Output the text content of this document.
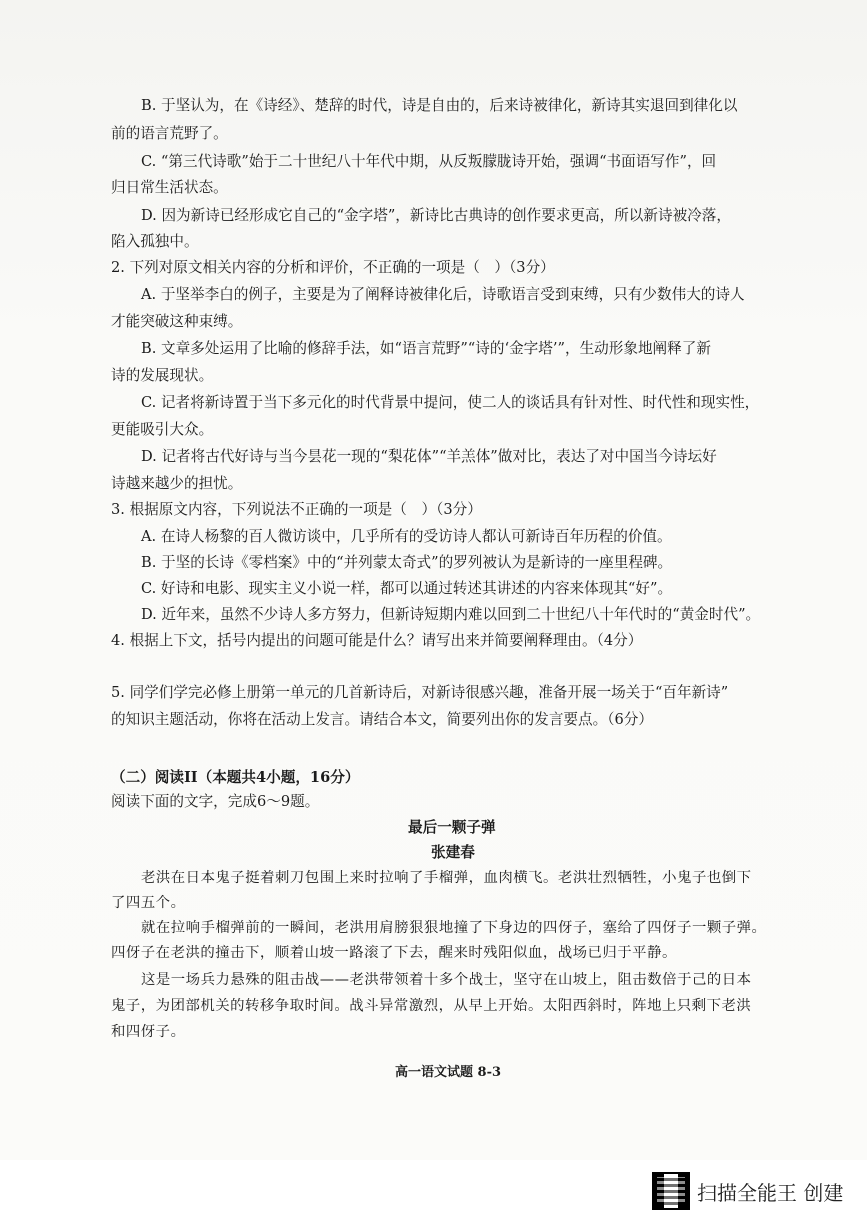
B. 于坚认为，在《诗经》、楚辞的时代，诗是自由的，后来诗被律化，新诗其实退回到律化以
前的语言荒野了。
C. “第三代诗歌”始于二十世纪八十年代中期，从反叛朦胧诗开始，强调“书面语写作”，回
归日常生活状态。
D. 因为新诗已经形成它自己的“金字塔”，新诗比古典诗的创作要求更高，所以新诗被冷落，
陷入孤独中。
2. 下列对原文相关内容的分析和评价，不正确的一项是（　）（3分）
A. 于坚举李白的例子，主要是为了阐释诗被律化后，诗歌语言受到束缚，只有少数伟大的诗人
才能突破这种束缚。
B. 文章多处运用了比喻的修辞手法，如“语言荒野”“诗的‘金字塔’”，生动形象地阐释了新
诗的发展现状。
C. 记者将新诗置于当下多元化的时代背景中提问，使二人的谈话具有针对性、时代性和现实性，
更能吸引大众。
D. 记者将古代好诗与当今昙花一现的“梨花体”“羊羔体”做对比，表达了对中国当今诗坛好
诗越来越少的担忧。
3. 根据原文内容，下列说法不正确的一项是（　）（3分）
A. 在诗人杨黎的百人微访谈中，几乎所有的受访诗人都认可新诗百年历程的价值。
B. 于坚的长诗《零档案》中的“并列蒙太奇式”的罗列被认为是新诗的一座里程碑。
C. 好诗和电影、现实主义小说一样，都可以通过转述其讲述的内容来体现其“好”。
D. 近年来，虽然不少诗人多方努力，但新诗短期内难以回到二十世纪八十年代时的“黄金时代”。
4. 根据上下文，括号内提出的问题可能是什么？请写出来并简要阐释理由。（4分）
5. 同学们学完必修上册第一单元的几首新诗后，对新诗很感兴趣，准备开展一场关于“百年新诗”
的知识主题活动，你将在活动上发言。请结合本文，简要列出你的发言要点。（6分）
（二）阅读II（本题共4小题，16分）
阅读下面的文字，完成6～9题。
最后一颗子弹
张建春
老洪在日本鬼子挺着刺刀包围上来时拉响了手榴弹，血肉横飞。老洪壮烈牺牲，小鬼子也倒下
了四五个。
就在拉响手榴弹前的一瞬间，老洪用肩膀狠狠地撞了下身边的四伢子，塞给了四伢子一颗子弹。
四伢子在老洪的撞击下，顺着山坡一路滚了下去，醒来时残阳似血，战场已归于平静。
这是一场兵力悬殊的阻击战——老洪带领着十多个战士，坚守在山坡上，阻击数倍于己的日本
鬼子，为团部机关的转移争取时间。战斗异常激烈，从早上开始。太阳西斜时，阵地上只剩下老洪
和四伢子。
高一语文试题 8-3
扫描全能王 创建
